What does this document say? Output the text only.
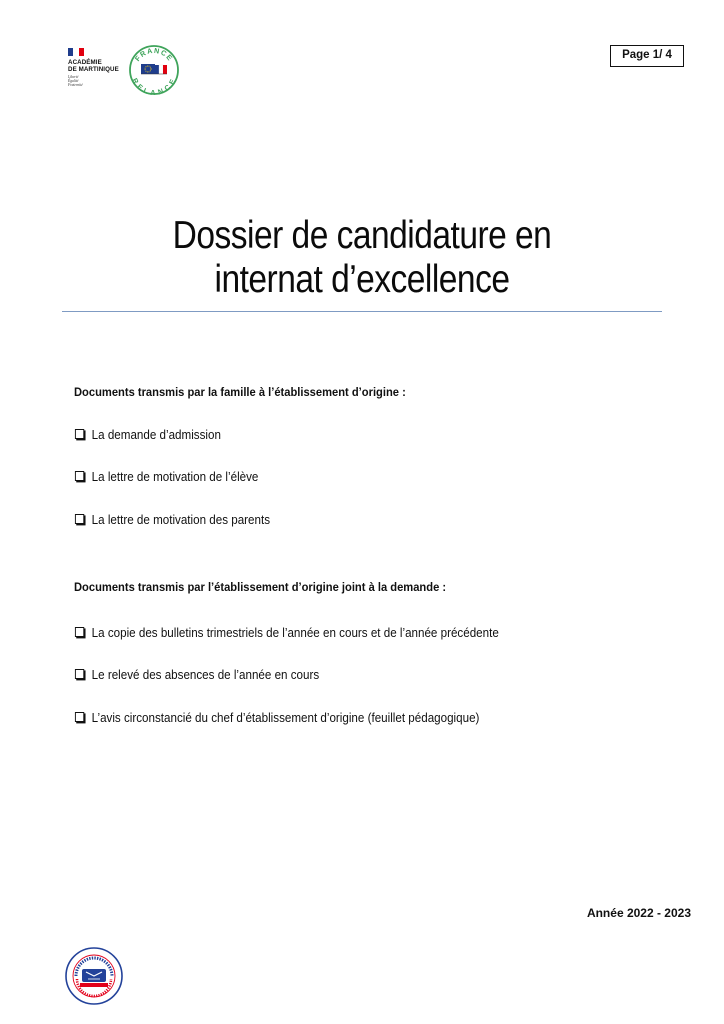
ACADÉMIE
DE MARTINIQUE
Liberté
Égalité
Fraternité
FRANCE
RELANCE
Page 1/ 4
Dossier de candidature en
internat d’excellence
Documents transmis par la famille à l’établissement d’origine :
La demande d’admission
La lettre de motivation de l’élève
La lettre de motivation des parents
Documents transmis par l’établissement d’origine joint à la demande :
La copie des bulletins trimestriels de l’année en cours et de l’année précédente
Le relevé des absences de l’année en cours
L’avis circonstancié du chef d’établissement d’origine (feuillet pédagogique)
Année 2022 - 2023
